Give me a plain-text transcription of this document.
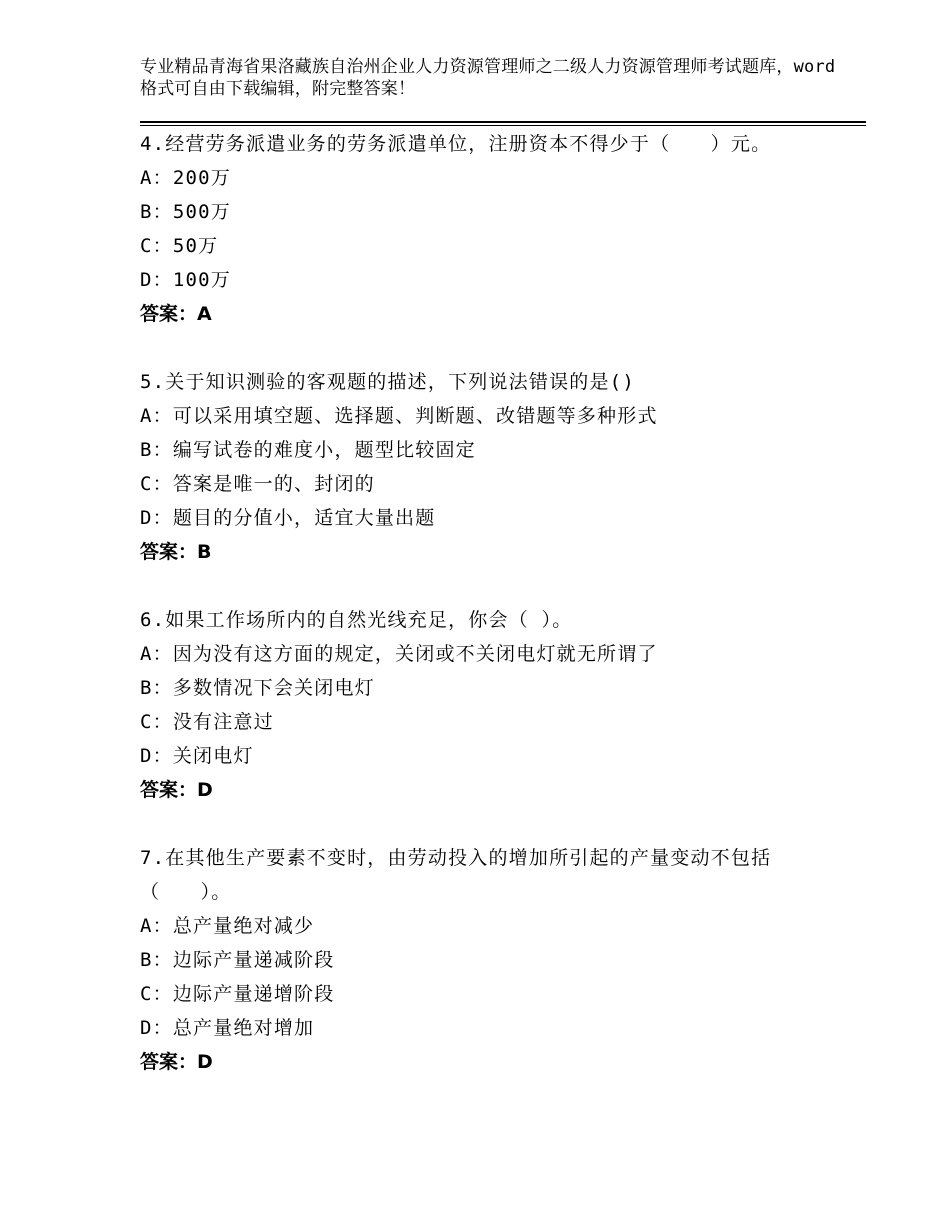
专业精品青海省果洛藏族自治州企业人力资源管理师之二级人力资源管理师考试题库，word格式可自由下载编辑，附完整答案！
4.经营劳务派遣业务的劳务派遣单位，注册资本不得少于（　　）元。
A：200万
B：500万
C：50万
D：100万
答案：A
5.关于知识测验的客观题的描述，下列说法错误的是()
A：可以采用填空题、选择题、判断题、改错题等多种形式
B：编写试卷的难度小，题型比较固定
C：答案是唯一的、封闭的
D：题目的分值小，适宜大量出题
答案：B
6.如果工作场所内的自然光线充足，你会（ ）。
A：因为没有这方面的规定，关闭或不关闭电灯就无所谓了
B：多数情况下会关闭电灯
C：没有注意过
D：关闭电灯
答案：D
7.在其他生产要素不变时，由劳动投入的增加所引起的产量变动不包括（　　）。
A：总产量绝对减少
B：边际产量递减阶段
C：边际产量递增阶段
D：总产量绝对增加
答案：D
